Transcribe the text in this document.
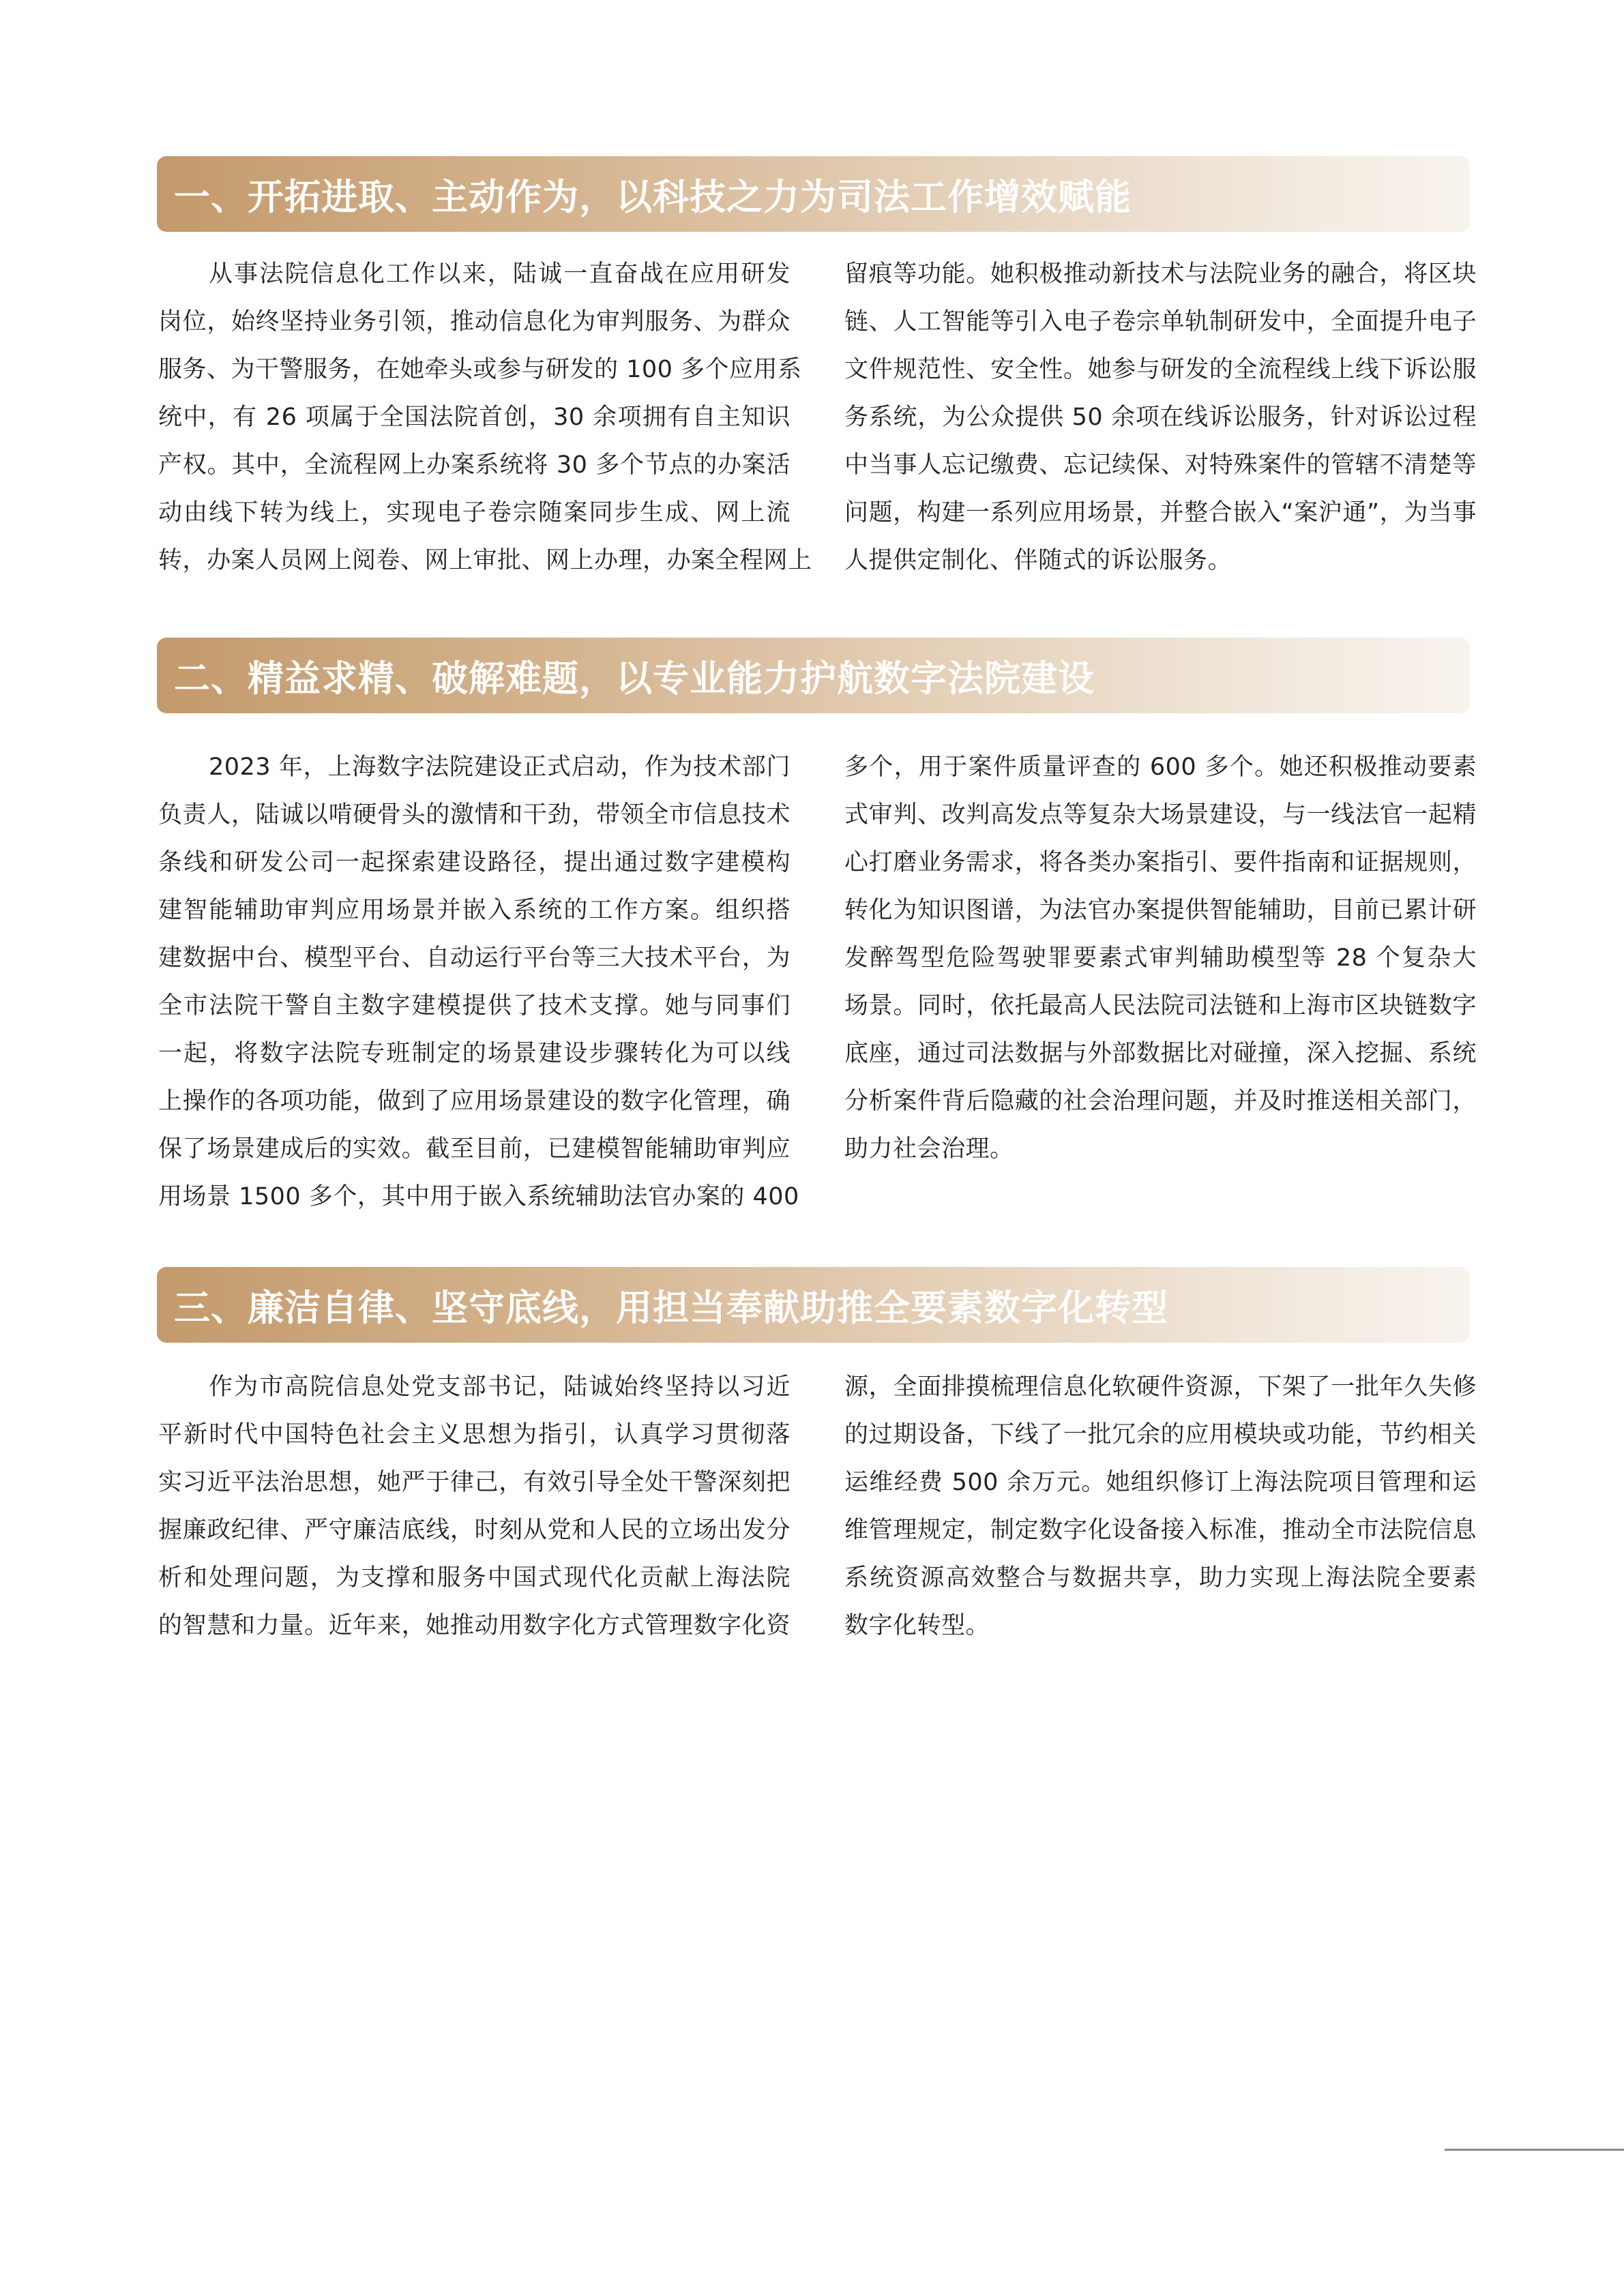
一、开拓进取、主动作为，以科技之力为司法工作增效赋能
从事法院信息化工作以来，陆诚一直奋战在应用研发
岗位，始终坚持业务引领，推动信息化为审判服务、为群众
服务、为干警服务，在她牵头或参与研发的 100 多个应用系
统中，有 26 项属于全国法院首创，30 余项拥有自主知识
产权。其中，全流程网上办案系统将 30 多个节点的办案活
动由线下转为线上，实现电子卷宗随案同步生成、网上流
转，办案人员网上阅卷、网上审批、网上办理，办案全程网上
留痕等功能。她积极推动新技术与法院业务的融合，将区块
链、人工智能等引入电子卷宗单轨制研发中，全面提升电子
文件规范性、安全性。她参与研发的全流程线上线下诉讼服
务系统，为公众提供 50 余项在线诉讼服务，针对诉讼过程
中当事人忘记缴费、忘记续保、对特殊案件的管辖不清楚等
问题，构建一系列应用场景，并整合嵌入“案沪通”，为当事
人提供定制化、伴随式的诉讼服务。
二、精益求精、破解难题，以专业能力护航数字法院建设
2023 年，上海数字法院建设正式启动，作为技术部门
负责人，陆诚以啃硬骨头的激情和干劲，带领全市信息技术
条线和研发公司一起探索建设路径，提出通过数字建模构
建智能辅助审判应用场景并嵌入系统的工作方案。组织搭
建数据中台、模型平台、自动运行平台等三大技术平台，为
全市法院干警自主数字建模提供了技术支撑。她与同事们
一起，将数字法院专班制定的场景建设步骤转化为可以线
上操作的各项功能，做到了应用场景建设的数字化管理，确
保了场景建成后的实效。截至目前，已建模智能辅助审判应
用场景 1500 多个，其中用于嵌入系统辅助法官办案的 400
多个，用于案件质量评查的 600 多个。她还积极推动要素
式审判、改判高发点等复杂大场景建设，与一线法官一起精
心打磨业务需求，将各类办案指引、要件指南和证据规则，
转化为知识图谱，为法官办案提供智能辅助，目前已累计研
发醉驾型危险驾驶罪要素式审判辅助模型等 28 个复杂大
场景。同时，依托最高人民法院司法链和上海市区块链数字
底座，通过司法数据与外部数据比对碰撞，深入挖掘、系统
分析案件背后隐藏的社会治理问题，并及时推送相关部门，
助力社会治理。
三、廉洁自律、坚守底线，用担当奉献助推全要素数字化转型
作为市高院信息处党支部书记，陆诚始终坚持以习近
平新时代中国特色社会主义思想为指引，认真学习贯彻落
实习近平法治思想，她严于律己，有效引导全处干警深刻把
握廉政纪律、严守廉洁底线，时刻从党和人民的立场出发分
析和处理问题，为支撑和服务中国式现代化贡献上海法院
的智慧和力量。近年来，她推动用数字化方式管理数字化资
源，全面排摸梳理信息化软硬件资源，下架了一批年久失修
的过期设备，下线了一批冗余的应用模块或功能，节约相关
运维经费 500 余万元。她组织修订上海法院项目管理和运
维管理规定，制定数字化设备接入标准，推动全市法院信息
系统资源高效整合与数据共享，助力实现上海法院全要素
数字化转型。
